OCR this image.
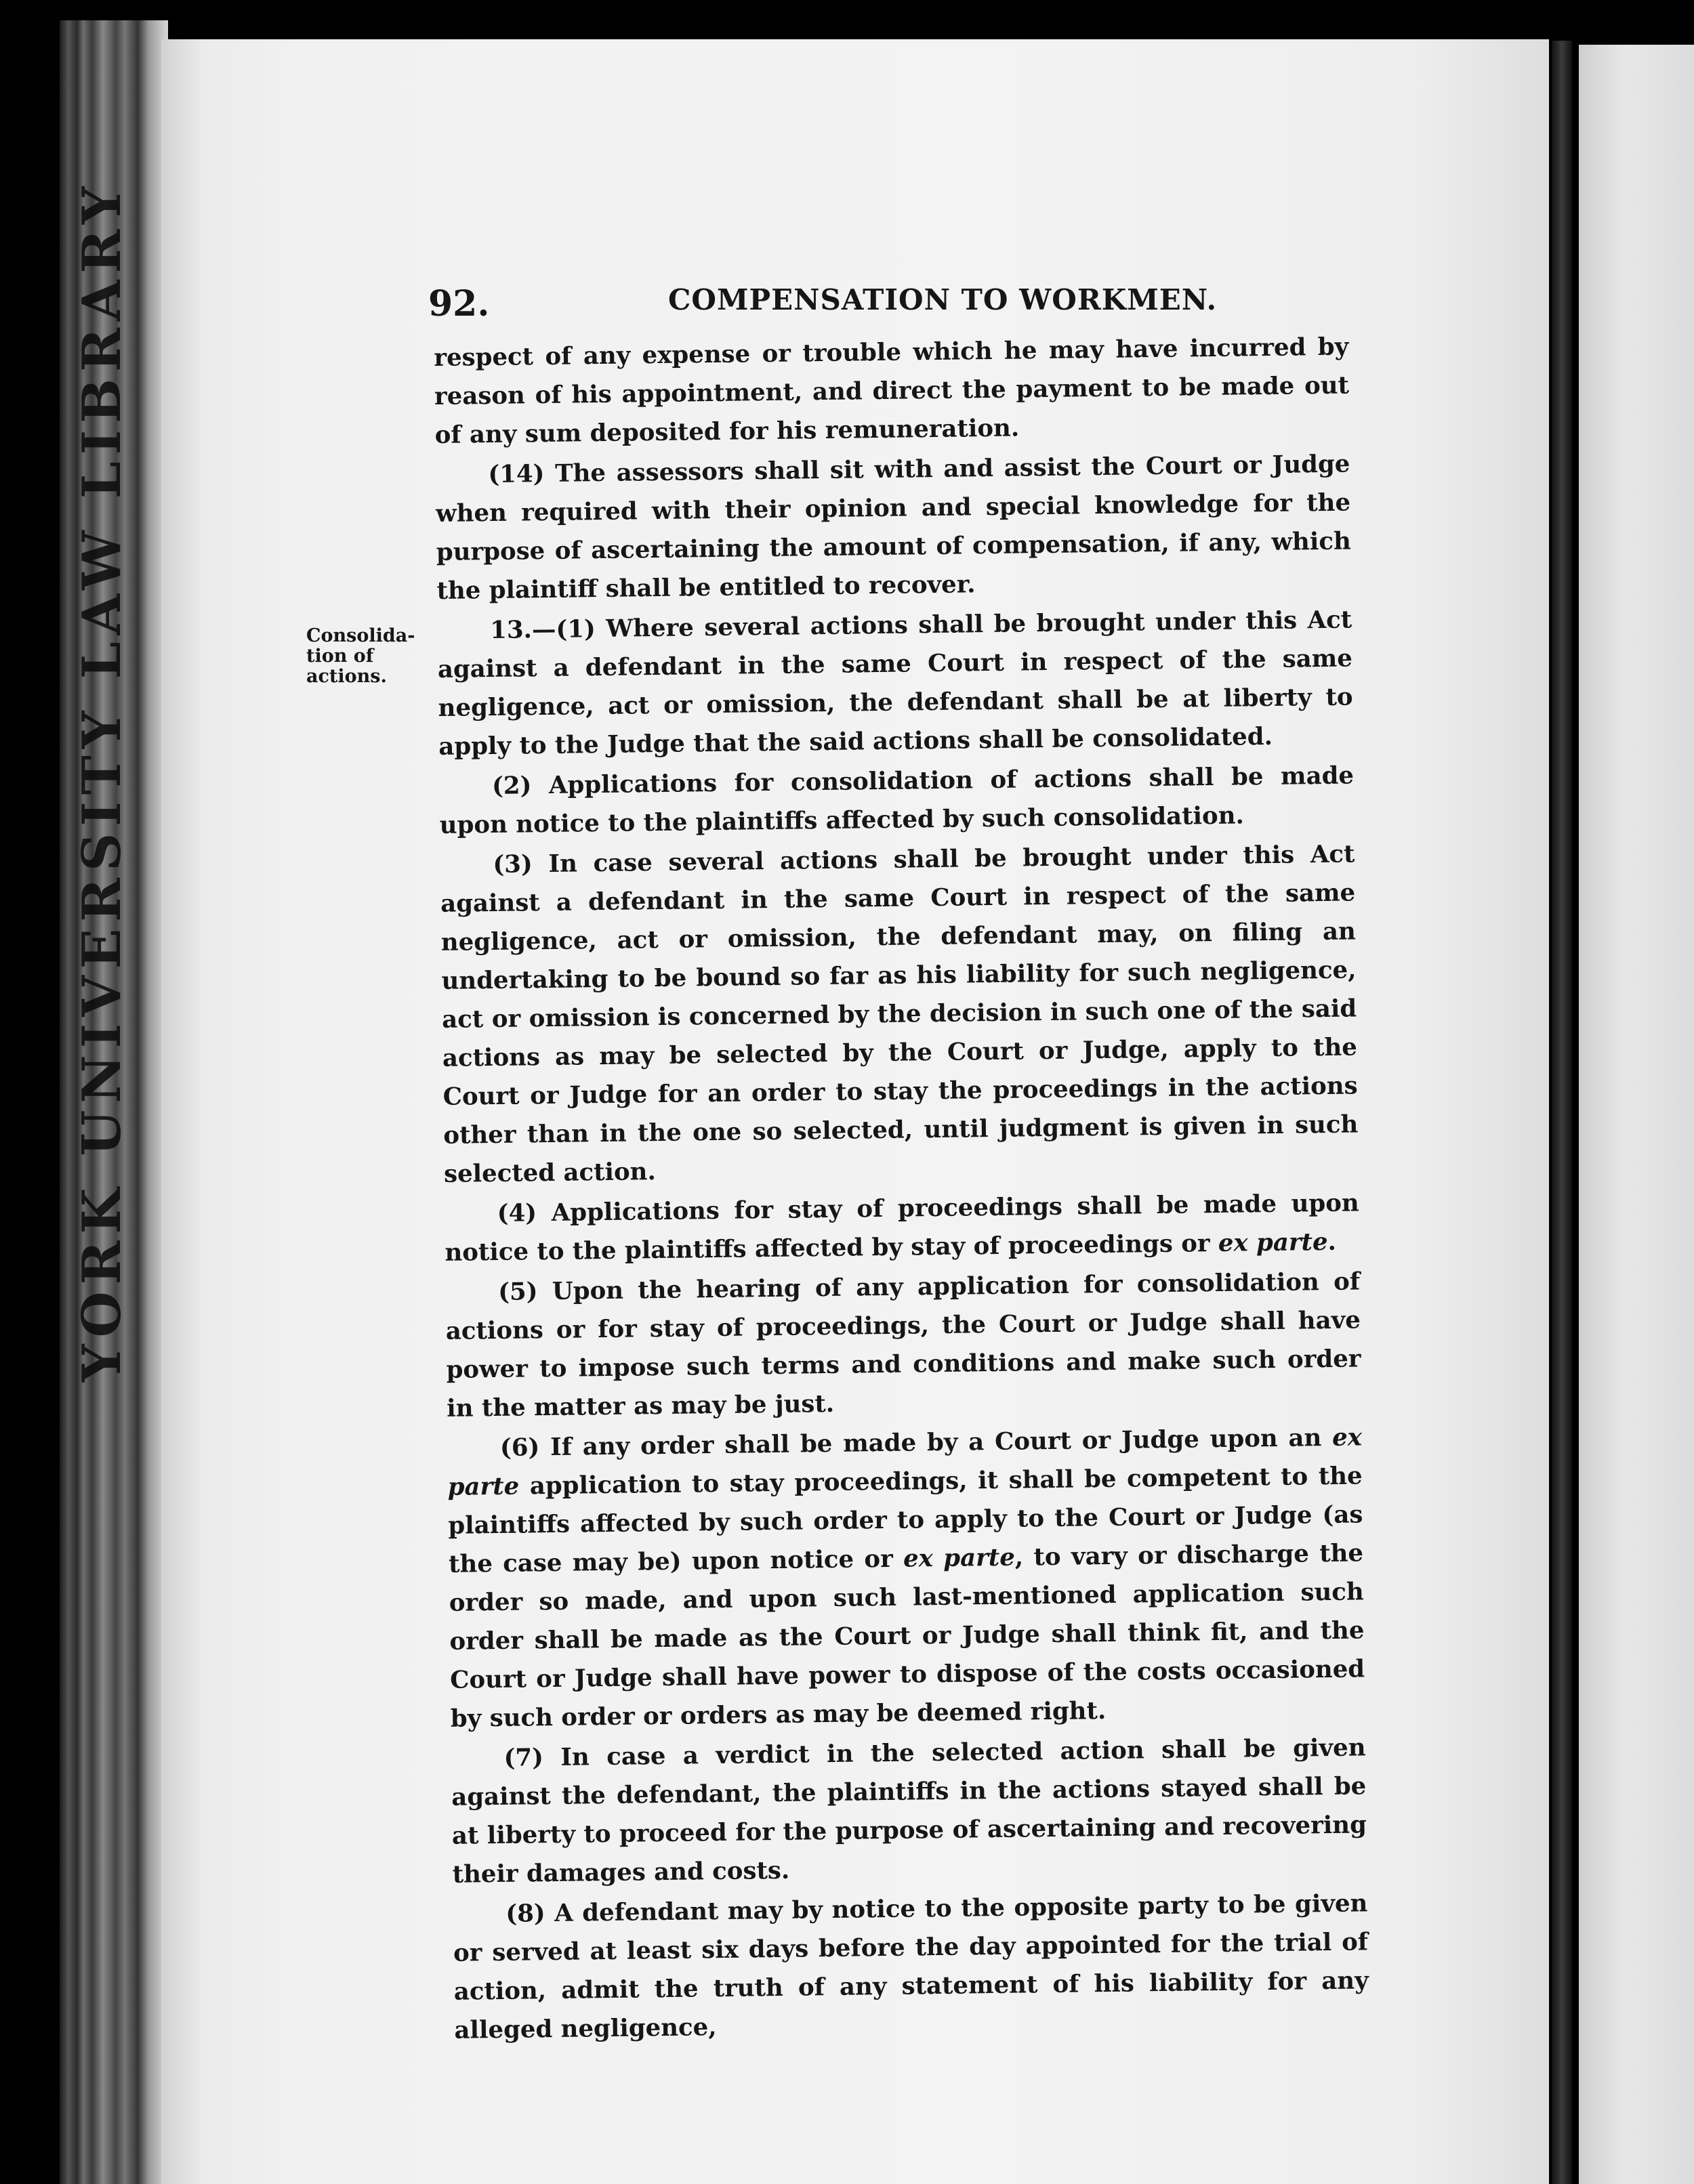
YORK UNIVERSITY LAW LIBRARY	92.	COMPENSATION TO WORKMEN.
Consolida-
tion of
actions.

respect of any expense or trouble which he may have incurred by reason of his appointment, and direct the payment to be made out of any sum deposited for his remuneration.

(14) The assessors shall sit with and assist the Court or Judge when required with their opinion and special knowledge for the purpose of ascertaining the amount of compensation, if any, which the plaintiff shall be entitled to recover.

13.—(1) Where several actions shall be brought under this Act against a defendant in the same Court in respect of the same negligence, act or omission, the defendant shall be at liberty to apply to the Judge that the said actions shall be consolidated.

(2) Applications for consolidation of actions shall be made upon notice to the plaintiffs affected by such consolidation.

(3) In case several actions shall be brought under this Act against a defendant in the same Court in respect of the same negligence, act or omission, the defendant may, on filing an undertaking to be bound so far as his liability for such negligence, act or omission is concerned by the decision in such one of the said actions as may be selected by the Court or Judge, apply to the Court or Judge for an order to stay the proceedings in the actions other than in the one so selected, until judgment is given in such selected action.

(4) Applications for stay of proceedings shall be made upon notice to the plaintiffs affected by stay of proceedings or ex parte.

(5) Upon the hearing of any application for consolidation of actions or for stay of proceedings, the Court or Judge shall have power to impose such terms and conditions and make such order in the matter as may be just.

(6) If any order shall be made by a Court or Judge upon an ex parte application to stay proceedings, it shall be competent to the plaintiffs affected by such order to apply to the Court or Judge (as the case may be) upon notice or ex parte, to vary or discharge the order so made, and upon such last-mentioned application such order shall be made as the Court or Judge shall think fit, and the Court or Judge shall have power to dispose of the costs occasioned by such order or orders as may be deemed right.

(7) In case a verdict in the selected action shall be given against the defendant, the plaintiffs in the actions stayed shall be at liberty to proceed for the purpose of ascertaining and recovering their damages and costs.

(8) A defendant may by notice to the opposite party to be given or served at least six days before the day appointed for the trial of action, admit the truth of any statement of his liability for any alleged negligence,
